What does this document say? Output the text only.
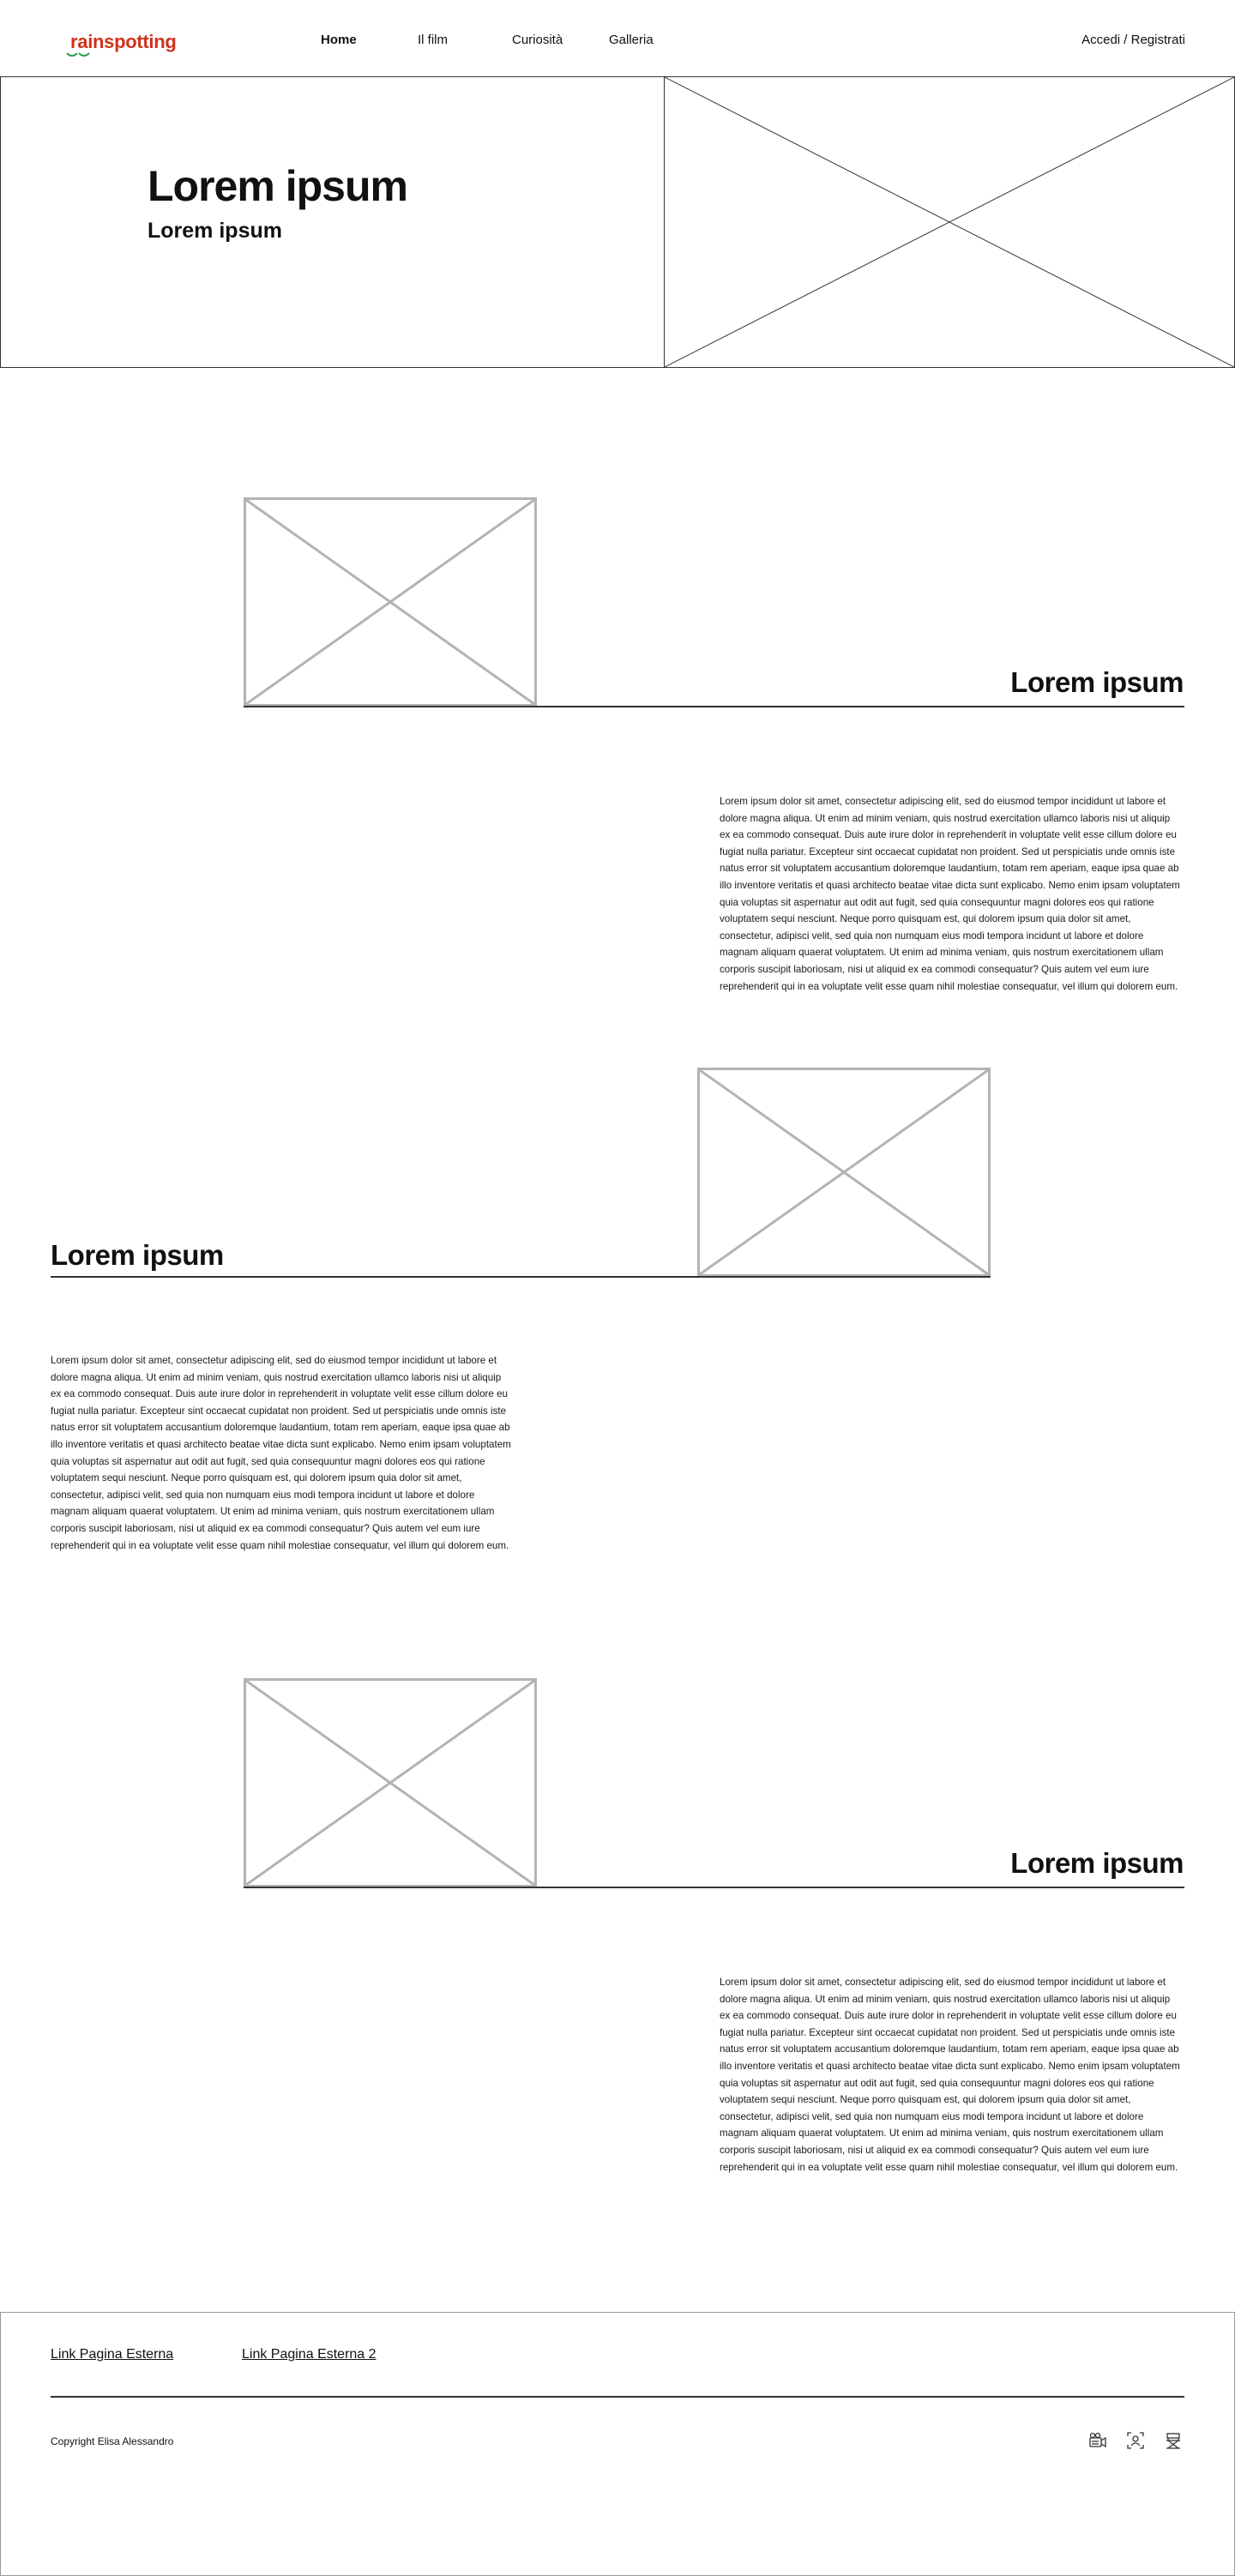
rainspotting	Home	Il film	Curiosità	Galleria	Accedi / Registrati
Lorem ipsum
Lorem ipsum
Lorem ipsum
Lorem ipsum dolor sit amet, consectetur adipiscing elit, sed do eiusmod tempor incididunt ut labore et dolore magna aliqua. Ut enim ad minim veniam, quis nostrud exercitation ullamco laboris nisi ut aliquip ex ea commodo consequat. Duis aute irure dolor in reprehenderit in voluptate velit esse cillum dolore eu fugiat nulla pariatur. Excepteur sint occaecat cupidatat non proident. Sed ut perspiciatis unde omnis iste natus error sit voluptatem accusantium doloremque laudantium, totam rem aperiam, eaque ipsa quae ab illo inventore veritatis et quasi architecto beatae vitae dicta sunt explicabo. Nemo enim ipsam voluptatem quia voluptas sit aspernatur aut odit aut fugit, sed quia consequuntur magni dolores eos qui ratione voluptatem sequi nesciunt. Neque porro quisquam est, qui dolorem ipsum quia dolor sit amet, consectetur, adipisci velit, sed quia non numquam eius modi tempora incidunt ut labore et dolore magnam aliquam quaerat voluptatem. Ut enim ad minima veniam, quis nostrum exercitationem ullam corporis suscipit laboriosam, nisi ut aliquid ex ea commodi consequatur? Quis autem vel eum iure reprehenderit qui in ea voluptate velit esse quam nihil molestiae consequatur, vel illum qui dolorem eum.
Lorem ipsum
Lorem ipsum dolor sit amet, consectetur adipiscing elit, sed do eiusmod tempor incididunt ut labore et dolore magna aliqua. Ut enim ad minim veniam, quis nostrud exercitation ullamco laboris nisi ut aliquip ex ea commodo consequat. Duis aute irure dolor in reprehenderit in voluptate velit esse cillum dolore eu fugiat nulla pariatur. Excepteur sint occaecat cupidatat non proident. Sed ut perspiciatis unde omnis iste natus error sit voluptatem accusantium doloremque laudantium, totam rem aperiam, eaque ipsa quae ab illo inventore veritatis et quasi architecto beatae vitae dicta sunt explicabo. Nemo enim ipsam voluptatem quia voluptas sit aspernatur aut odit aut fugit, sed quia consequuntur magni dolores eos qui ratione voluptatem sequi nesciunt. Neque porro quisquam est, qui dolorem ipsum quia dolor sit amet, consectetur, adipisci velit, sed quia non numquam eius modi tempora incidunt ut labore et dolore magnam aliquam quaerat voluptatem. Ut enim ad minima veniam, quis nostrum exercitationem ullam corporis suscipit laboriosam, nisi ut aliquid ex ea commodi consequatur? Quis autem vel eum iure reprehenderit qui in ea voluptate velit esse quam nihil molestiae consequatur, vel illum qui dolorem eum.
Lorem ipsum
Lorem ipsum dolor sit amet, consectetur adipiscing elit, sed do eiusmod tempor incididunt ut labore et dolore magna aliqua. Ut enim ad minim veniam, quis nostrud exercitation ullamco laboris nisi ut aliquip ex ea commodo consequat. Duis aute irure dolor in reprehenderit in voluptate velit esse cillum dolore eu fugiat nulla pariatur. Excepteur sint occaecat cupidatat non proident. Sed ut perspiciatis unde omnis iste natus error sit voluptatem accusantium doloremque laudantium, totam rem aperiam, eaque ipsa quae ab illo inventore veritatis et quasi architecto beatae vitae dicta sunt explicabo. Nemo enim ipsam voluptatem quia voluptas sit aspernatur aut odit aut fugit, sed quia consequuntur magni dolores eos qui ratione voluptatem sequi nesciunt. Neque porro quisquam est, qui dolorem ipsum quia dolor sit amet, consectetur, adipisci velit, sed quia non numquam eius modi tempora incidunt ut labore et dolore magnam aliquam quaerat voluptatem. Ut enim ad minima veniam, quis nostrum exercitationem ullam corporis suscipit laboriosam, nisi ut aliquid ex ea commodi consequatur? Quis autem vel eum iure reprehenderit qui in ea voluptate velit esse quam nihil molestiae consequatur, vel illum qui dolorem eum.
Link Pagina Esterna	Link Pagina Esterna 2
Copyright Elisa Alessandro
